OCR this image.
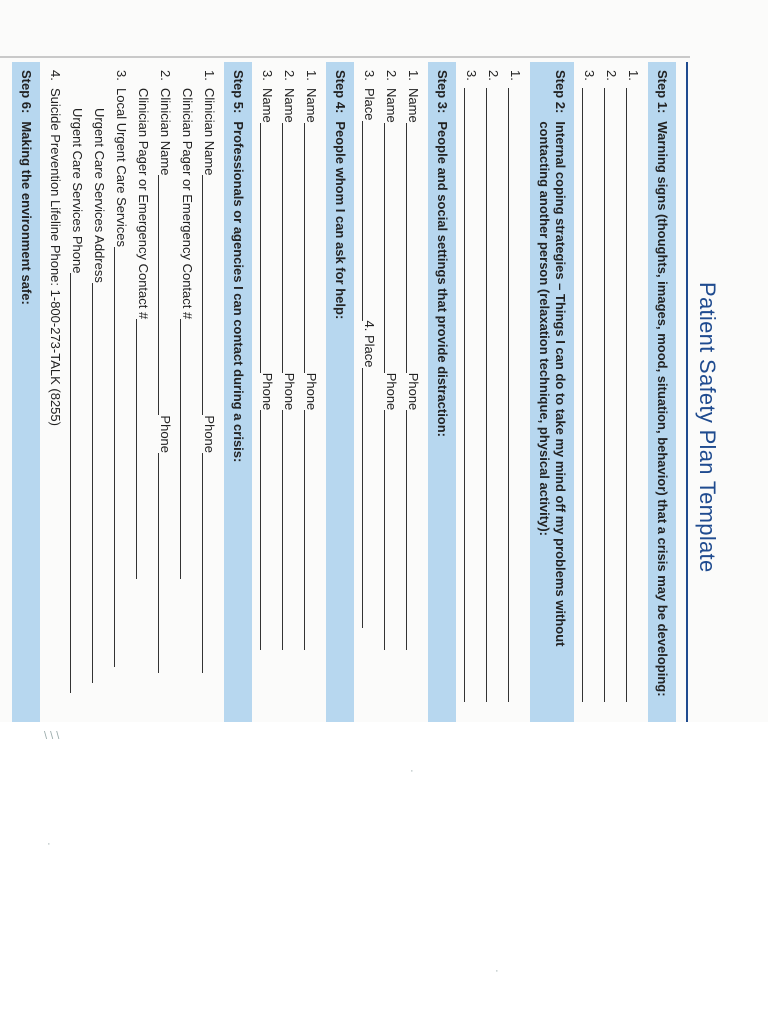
Patient Safety Plan Template
Step 1:
Warning signs (thoughts, images, mood, situation, behavior) that a crisis may be developing:
1.
2.
3.
Step 2:
Internal coping strategies – Things I can do to take my mind off my problems without contacting another person (relaxation technique, physical activity):
1.
2.
3.
Step 3:
People and social settings that provide distraction:
1.
Name
Phone
2.
Name
Phone
3.
Place
4. Place
Step 4:
People whom I can ask for help:
1.
Name
Phone
2.
Name
Phone
3.
Name
Phone
Step 5:
Professionals or agencies I can contact during a crisis:
1.
Clinician Name
Phone
Clinician Pager or Emergency Contact #
2.
Clinician Name
Phone
Clinician Pager or Emergency Contact #
3.
Local Urgent Care Services
Urgent Care Services Address
Urgent Care Services Phone
4.
Suicide Prevention Lifeline Phone: 1-800-273-TALK (8255)
Step 6:
Making the environment safe:
\ \ \
·
·
·
